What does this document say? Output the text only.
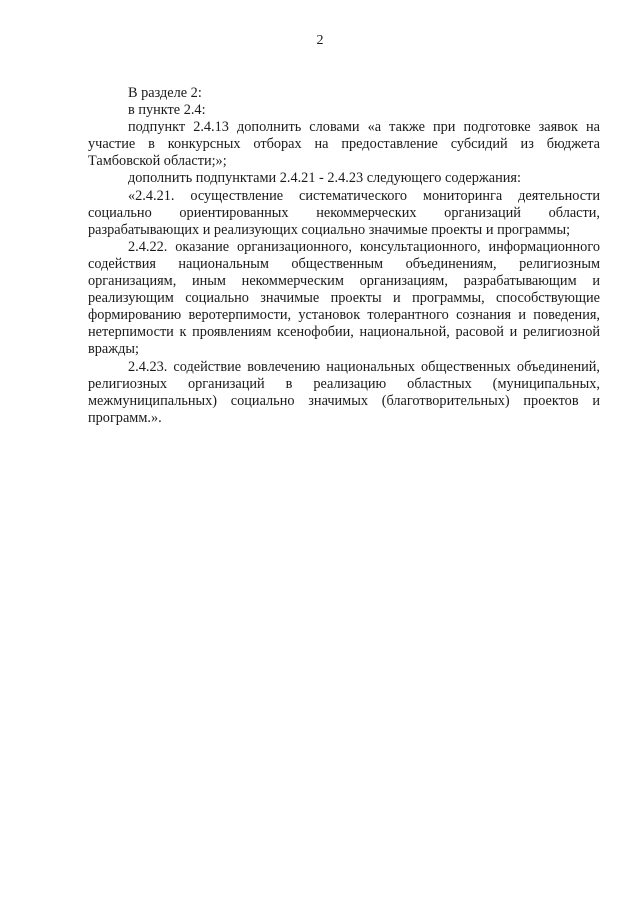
2

В разделе 2:

в пункте 2.4:

подпункт 2.4.13 дополнить словами «а также при подготовке заявок на участие в конкурсных отборах на предоставление субсидий из бюджета Тамбовской области;»;

дополнить подпунктами 2.4.21 - 2.4.23 следующего содержания:

«2.4.21. осуществление систематического мониторинга деятельности социально ориентированных некоммерческих организаций области, разрабатывающих и реализующих социально значимые проекты и программы;

2.4.22. оказание организационного, консультационного, информационного содействия национальным общественным объединениям, религиозным организациям, иным некоммерческим организациям, разрабатывающим и реализующим социально значимые проекты и программы, способствующие формированию веротерпимости, установок толерантного сознания и поведения, нетерпимости к проявлениям ксенофобии, национальной, расовой и религиозной вражды;

2.4.23. содействие вовлечению национальных общественных объединений, религиозных организаций в реализацию областных (муниципальных, межмуниципальных) социально значимых (благотворительных) проектов и программ.».
